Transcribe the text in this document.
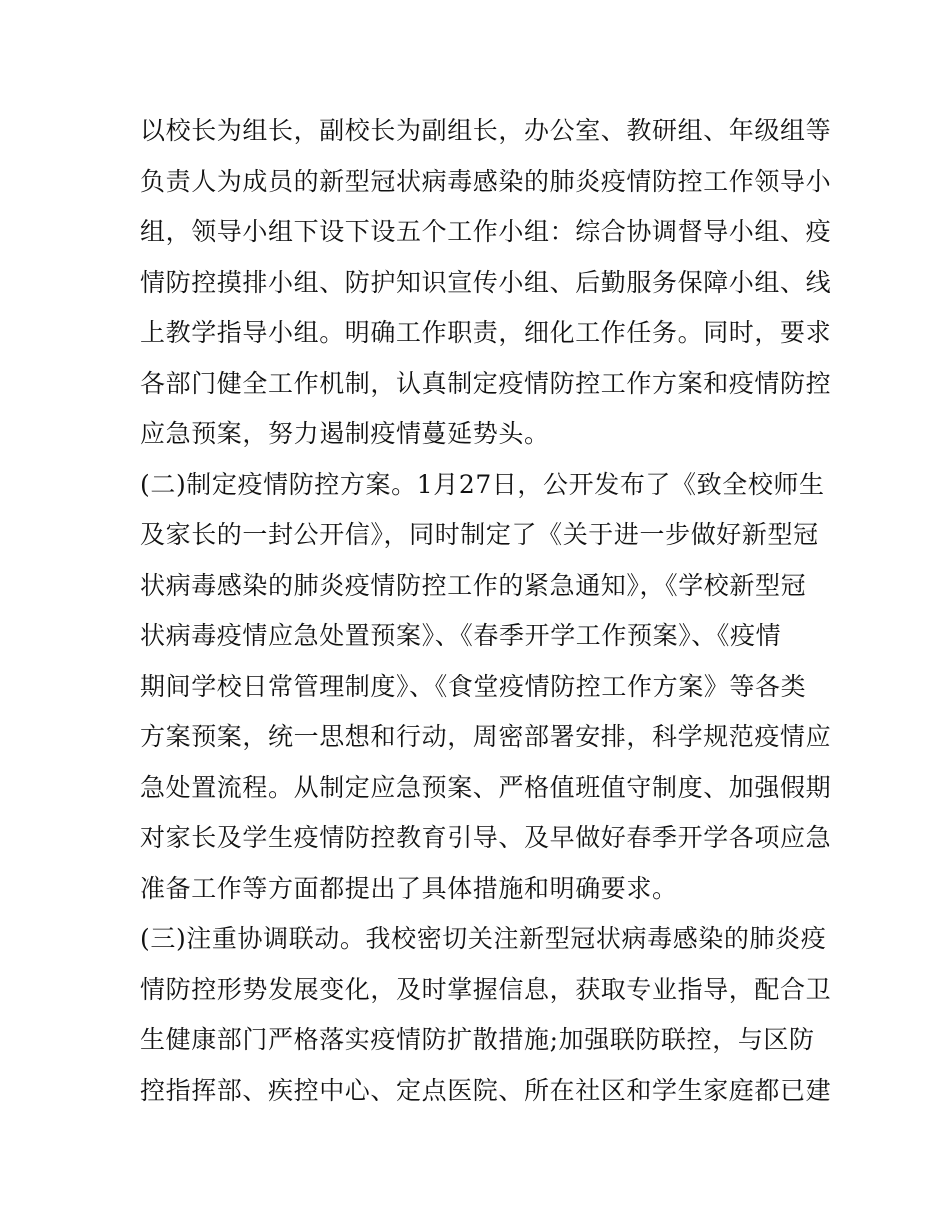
以校长为组长，副校长为副组长，办公室、教研组、年级组等
负责人为成员的新型冠状病毒感染的肺炎疫情防控工作领导小
组，领导小组下设下设五个工作小组：综合协调督导小组、疫
情防控摸排小组、防护知识宣传小组、后勤服务保障小组、线
上教学指导小组。明确工作职责，细化工作任务。同时，要求
各部门健全工作机制，认真制定疫情防控工作方案和疫情防控
应急预案，努力遏制疫情蔓延势头。
(二)制定疫情防控方案。1月27日，公开发布了《致全校师生
及家长的一封公开信》，同时制定了《关于进一步做好新型冠
状病毒感染的肺炎疫情防控工作的紧急通知》，《学校新型冠
状病毒疫情应急处置预案》、《春季开学工作预案》、《疫情
期间学校日常管理制度》、《食堂疫情防控工作方案》等各类
方案预案，统一思想和行动，周密部署安排，科学规范疫情应
急处置流程。从制定应急预案、严格值班值守制度、加强假期
对家长及学生疫情防控教育引导、及早做好春季开学各项应急
准备工作等方面都提出了具体措施和明确要求。
(三)注重协调联动。我校密切关注新型冠状病毒感染的肺炎疫
情防控形势发展变化，及时掌握信息，获取专业指导，配合卫
生健康部门严格落实疫情防扩散措施;加强联防联控，与区防
控指挥部、疾控中心、定点医院、所在社区和学生家庭都已建
